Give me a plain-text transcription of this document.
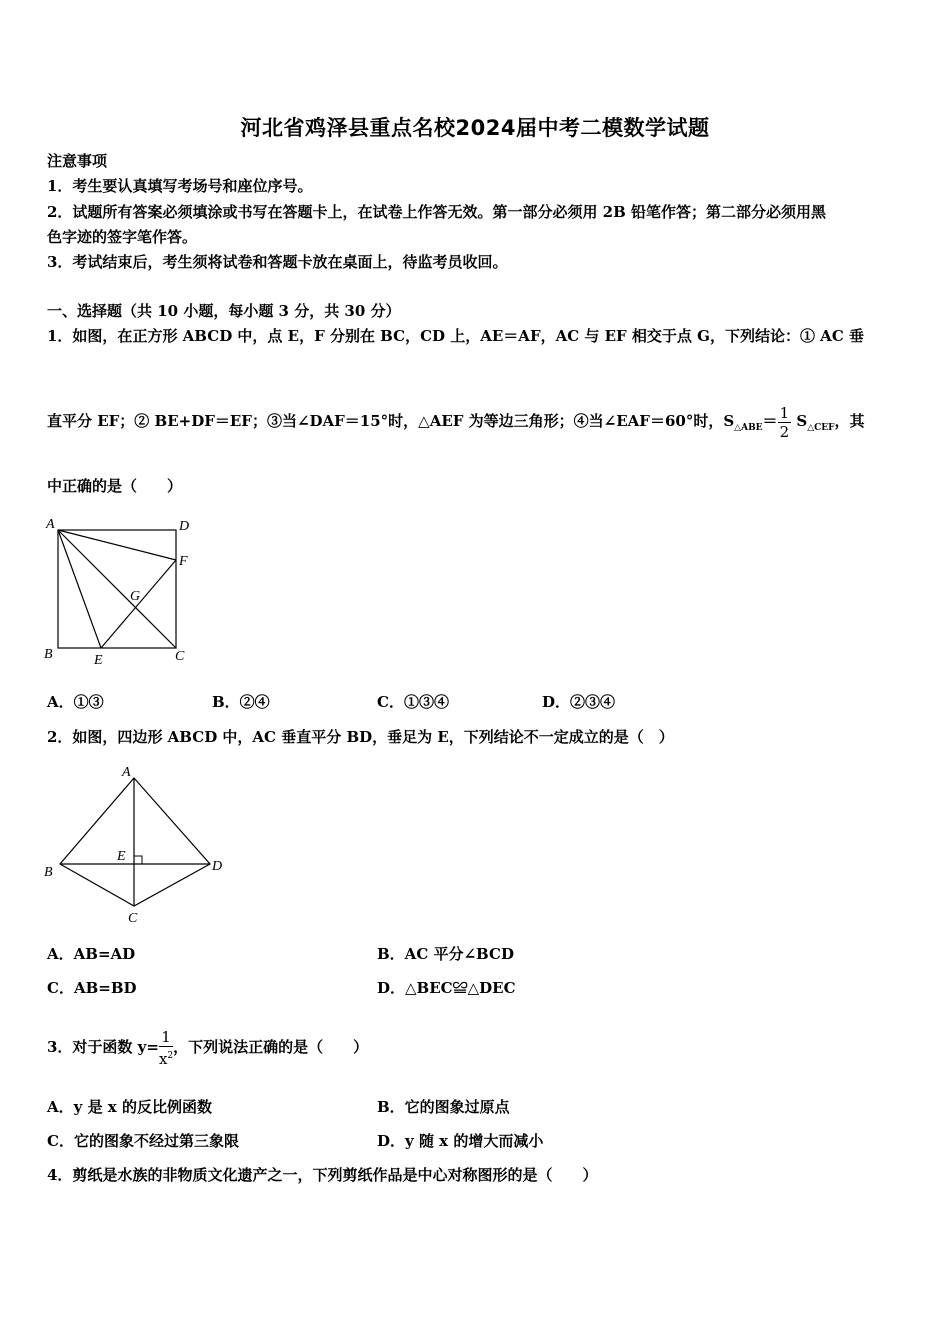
河北省鸡泽县重点名校2024届中考二模数学试题
注意事项
1．考生要认真填写考场号和座位序号。
2．试题所有答案必须填涂或书写在答题卡上，在试卷上作答无效。第一部分必须用 2B 铅笔作答；第二部分必须用黑
色字迹的签字笔作答。
3．考试结束后，考生须将试卷和答题卡放在桌面上，待监考员收回。
一、选择题（共 10 小题，每小题 3 分，共 30 分）
1．如图，在正方形 ABCD 中，点 E，F 分别在 BC，CD 上，AE＝AF，AC 与 EF 相交于点 G，下列结论：① AC 垂
直平分 EF；② BE+DF＝EF；③当∠DAF＝15°时，△AEF 为等边三角形；④当∠EAF＝60°时，$S_{\triangle ABE}= \frac{1}{2} S_{\triangle CEF}$，其
中正确的是（　　）
A	D
F
G
B	E	C
A．①③	B．②④	C．①③④	D．②③④
2．如图，四边形 ABCD 中，AC 垂直平分 BD，垂足为 E，下列结论不一定成立的是（　）
A
B
E
D
C
A．AB=AD	B．AC 平分∠BCD
C．AB=BD	D．△BEC≌△DEC
3．对于函数 $y= \frac{1}{x^2}$ ，下列说法正确的是（　　）
A．y 是 x 的反比例函数	B．它的图象过原点
C．它的图象不经过第三象限	D．y 随 x 的增大而减小
4．剪纸是水族的非物质文化遗产之一，下列剪纸作品是中心对称图形的是（　　）
